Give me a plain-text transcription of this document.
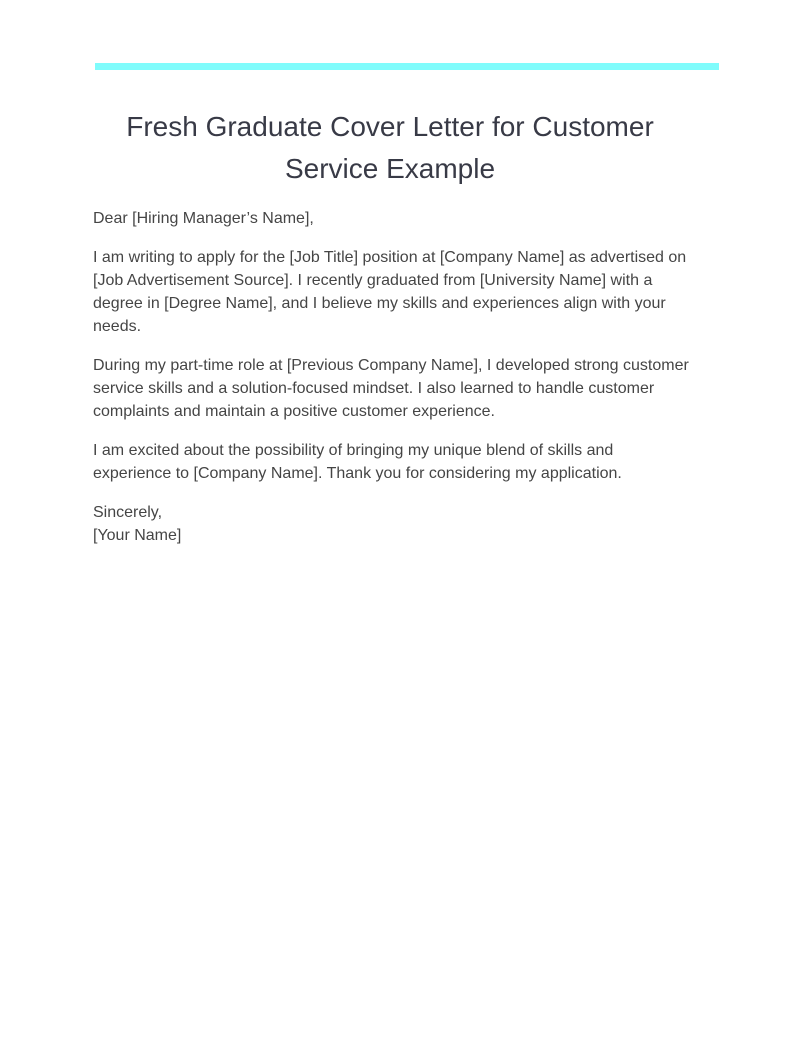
Fresh Graduate Cover Letter for Customer Service Example

Dear [Hiring Manager’s Name],

I am writing to apply for the [Job Title] position at [Company Name] as advertised on [Job Advertisement Source]. I recently graduated from [University Name] with a degree in [Degree Name], and I believe my skills and experiences align with your needs.

During my part-time role at [Previous Company Name], I developed strong customer service skills and a solution-focused mindset. I also learned to handle customer complaints and maintain a positive customer experience.

I am excited about the possibility of bringing my unique blend of skills and experience to [Company Name]. Thank you for considering my application.

Sincerely,
[Your Name]
